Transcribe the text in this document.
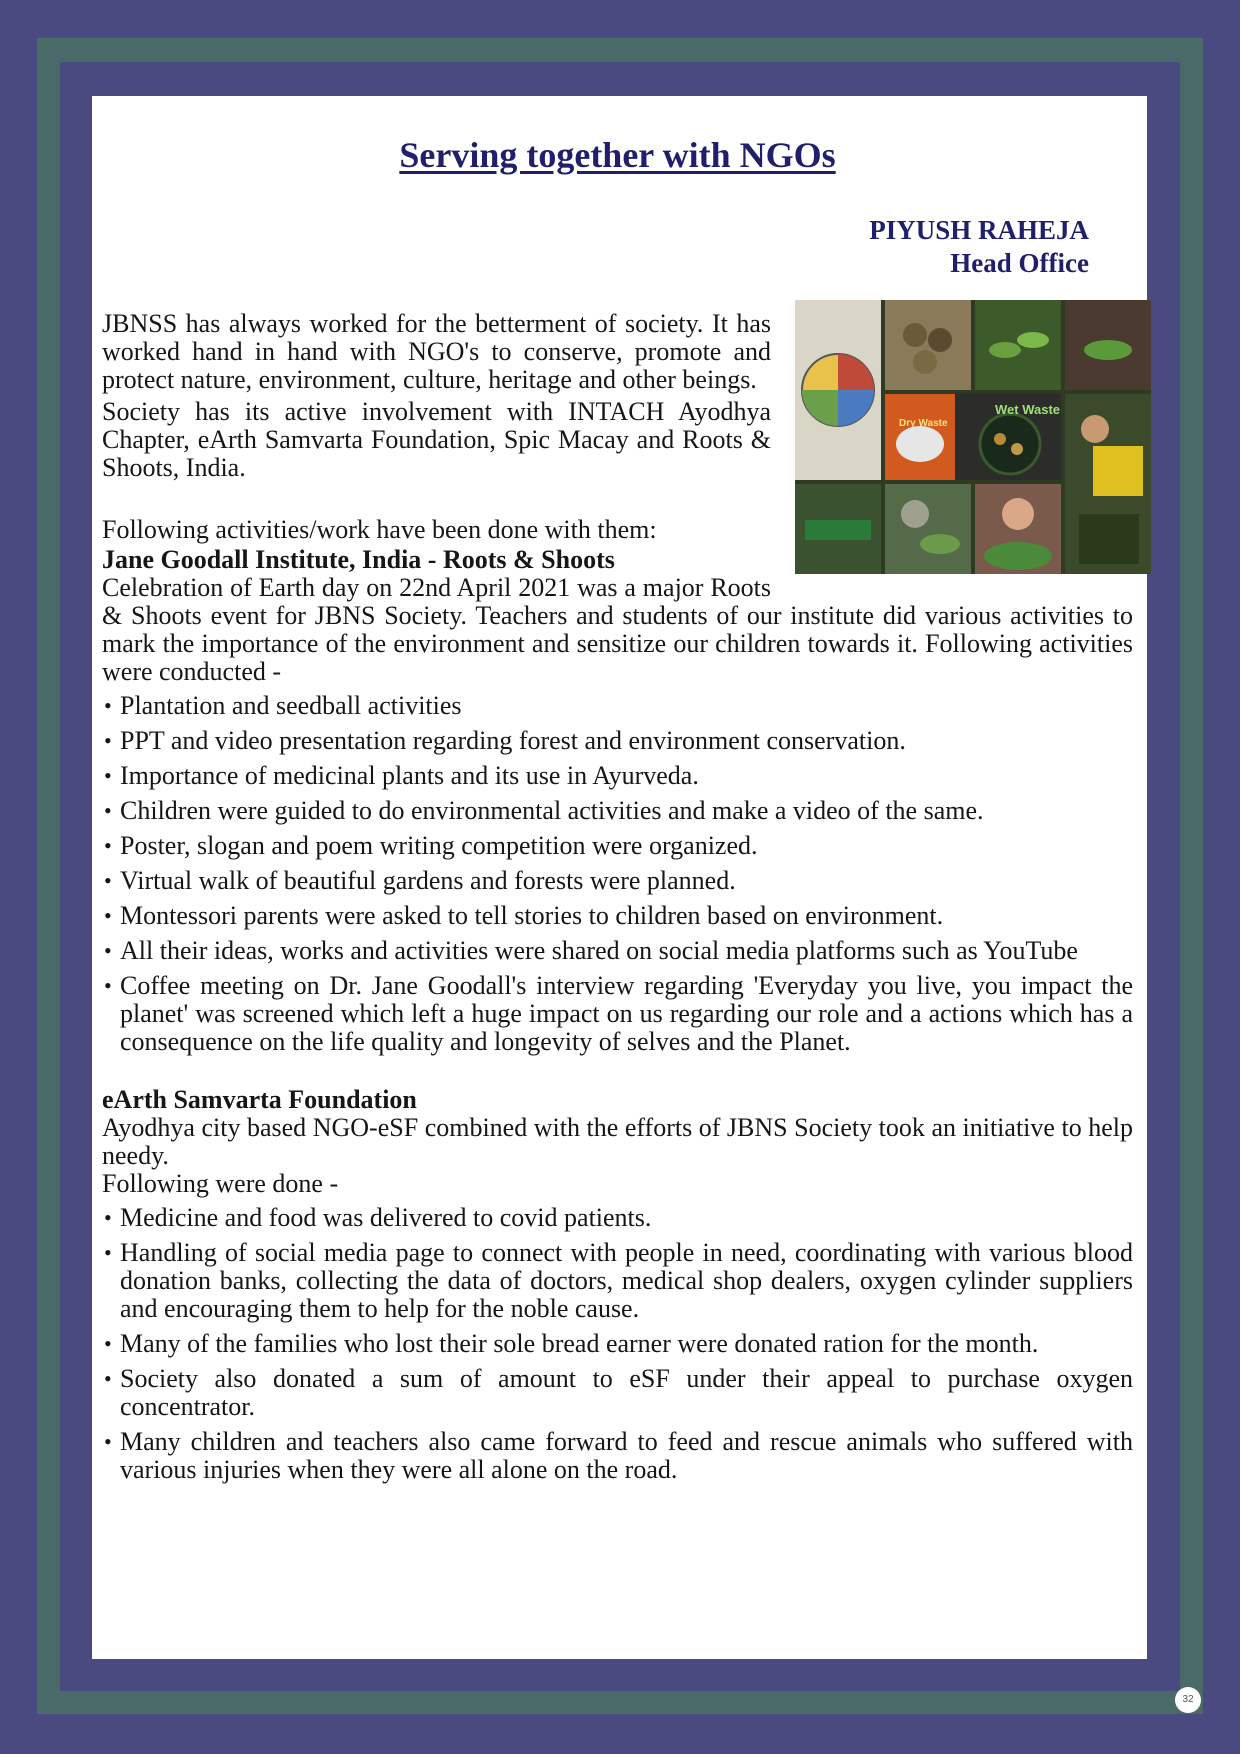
Serving together with NGOs
PIYUSH RAHEJA
Head Office
Wet Waste
Dry Waste

JBNSS has always worked for the betterment of society. It has worked hand in hand with NGO's to conserve, promote and protect nature, environment, culture, heritage and other beings.

Society has its active involvement with INTACH Ayodhya Chapter, eArth Samvarta Foundation, Spic Macay and Roots & Shoots, India.

Following activities/work have been done with them:

Jane Goodall Institute, India - Roots & Shoots

Celebration of Earth day on 22nd April 2021 was a major Roots & Shoots event for JBNS Society. Teachers and students of our institute did various activities to mark the importance of the environment and sensitize our children towards it. Following activities were conducted -

• Plantation and seedball activities
• PPT and video presentation regarding forest and environment conservation.
• Importance of medicinal plants and its use in Ayurveda.
• Children were guided to do environmental activities and make a video of the same.
• Poster, slogan and poem writing competition were organized.
• Virtual walk of beautiful gardens and forests were planned.
• Montessori parents were asked to tell stories to children based on environment.
• All their ideas, works and activities were shared on social media platforms such as YouTube
• Coffee meeting on Dr. Jane Goodall's interview regarding 'Everyday you live, you impact the planet' was screened which left a huge impact on us regarding our role and a actions which has a consequence on the life quality and longevity of selves and the Planet.

eArth Samvarta Foundation

Ayodhya city based NGO-eSF combined with the efforts of JBNS Society took an initiative to help needy.

Following were done -

• Medicine and food was delivered to covid patients.
• Handling of social media page to connect with people in need, coordinating with various blood donation banks, collecting the data of doctors, medical shop dealers, oxygen cylinder suppliers and encouraging them to help for the noble cause.
• Many of the families who lost their sole bread earner were donated ration for the month.
• Society also donated a sum of amount to eSF under their appeal to purchase oxygen concentrator.
• Many children and teachers also came forward to feed and rescue animals who suffered with various injuries when they were all alone on the road.
32
